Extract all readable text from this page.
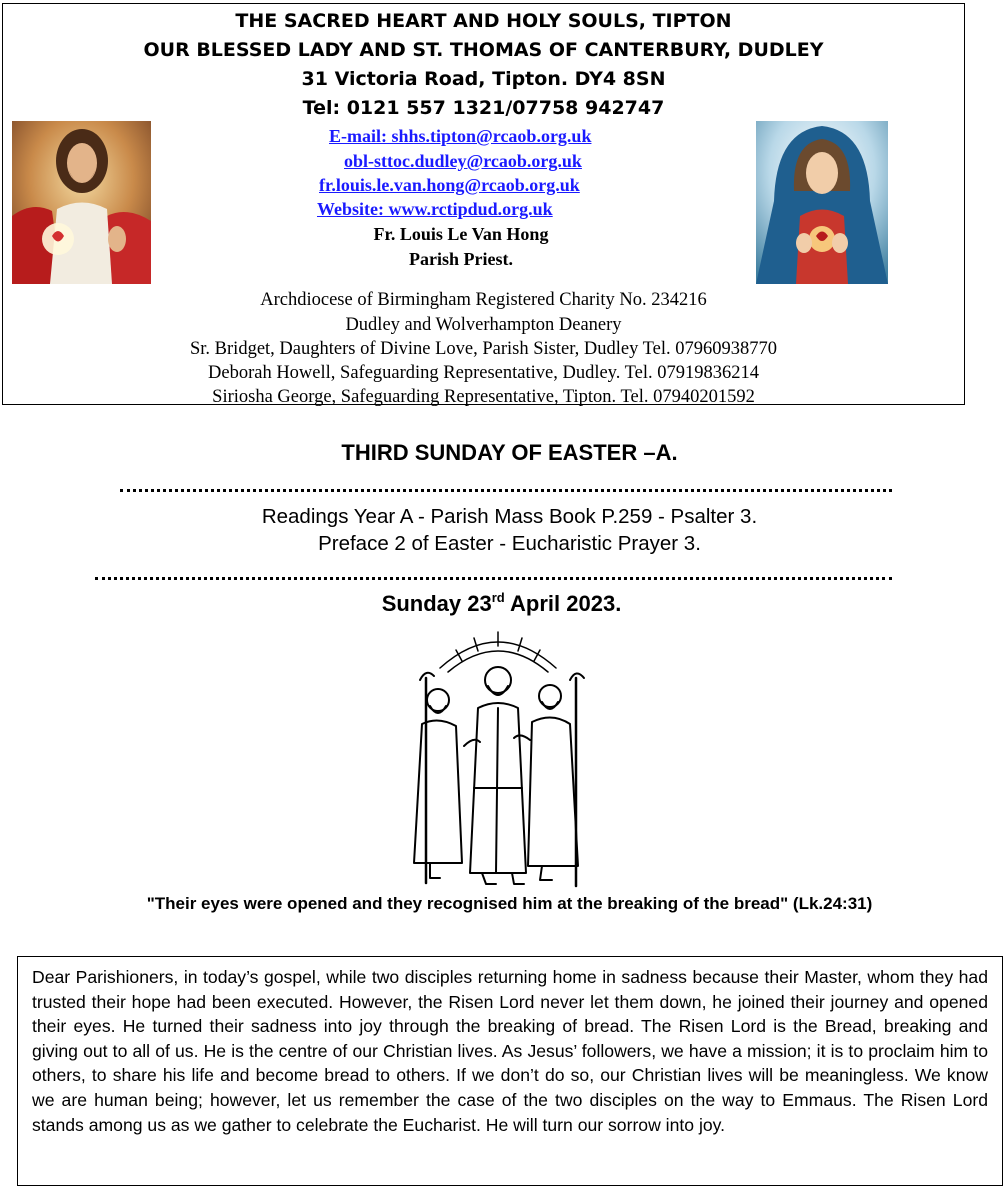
THE SACRED HEART AND HOLY SOULS, TIPTON
OUR BLESSED LADY AND ST. THOMAS OF CANTERBURY, DUDLEY
31 Victoria Road, Tipton. DY4 8SN
Tel: 0121 557 1321/07758 942747
E-mail: shhs.tipton@rcaob.org.uk
obl-sttoc.dudley@rcaob.org.uk
fr.louis.le.van.hong@rcaob.org.uk
Website: www.rctipdud.org.uk
Fr. Louis Le Van Hong
Parish Priest.
Archdiocese of Birmingham Registered Charity No. 234216
Dudley and Wolverhampton Deanery
Sr. Bridget, Daughters of Divine Love, Parish Sister, Dudley Tel. 07960938770
Deborah Howell, Safeguarding Representative, Dudley. Tel. 07919836214
Siriosha George, Safeguarding Representative, Tipton. Tel. 07940201592
THIRD SUNDAY OF EASTER –A.
Readings Year A - Parish Mass Book P.259 - Psalter 3.
Preface 2 of Easter - Eucharistic Prayer 3.
Sunday 23rd April 2023.
"Their eyes were opened and they recognised him at the breaking of the bread" (Lk.24:31)

Dear Parishioners, in today’s gospel, while two disciples returning home in sadness because their Master, whom they had trusted their hope had been executed. However, the Risen Lord never let them down, he joined their journey and opened their eyes. He turned their sadness into joy through the breaking of bread. The Risen Lord is the Bread, breaking and giving out to all of us. He is the centre of our Christian lives. As Jesus’ followers, we have a mission; it is to proclaim him to others, to share his life and become bread to others. If we don’t do so, our Christian lives will be meaningless. We know we are human being; however, let us remember the case of the two disciples on the way to Emmaus. The Risen Lord stands among us as we gather to celebrate the Eucharist. He will turn our sorrow into joy.
